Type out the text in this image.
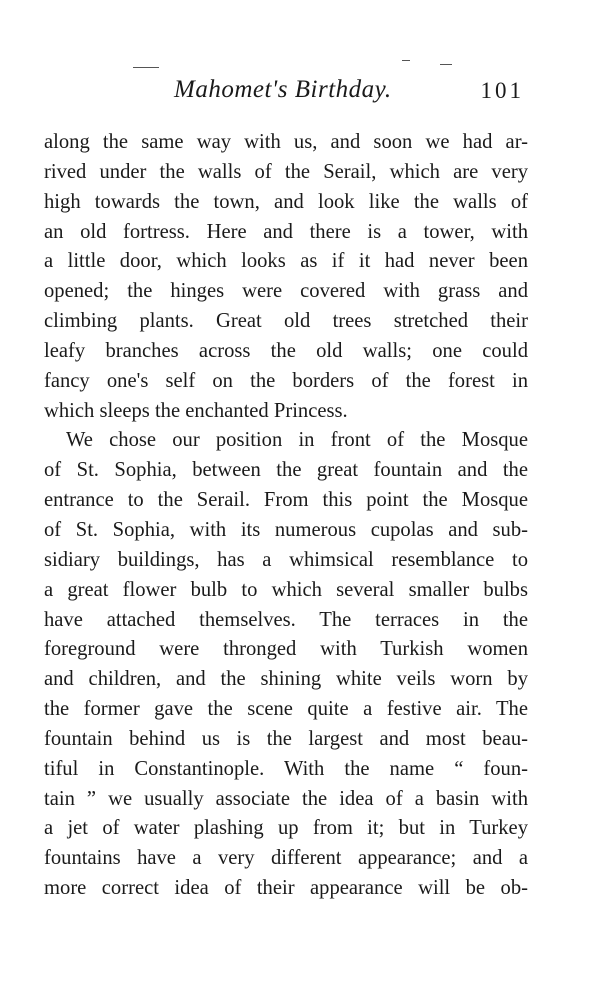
Mahomet's Birthday.	101
along the same way with us, and soon we had ar-
rived under the walls of the Serail, which are very
high towards the town, and look like the walls of
an old fortress. Here and there is a tower, with
a little door, which looks as if it had never been
opened; the hinges were covered with grass and
climbing plants. Great old trees stretched their
leafy branches across the old walls; one could
fancy one's self on the borders of the forest in
which sleeps the enchanted Princess.
We chose our position in front of the Mosque
of St. Sophia, between the great fountain and the
entrance to the Serail. From this point the Mosque
of St. Sophia, with its numerous cupolas and sub-
sidiary buildings, has a whimsical resemblance to
a great flower bulb to which several smaller bulbs
have attached themselves. The terraces in the
foreground were thronged with Turkish women
and children, and the shining white veils worn by
the former gave the scene quite a festive air. The
fountain behind us is the largest and most beau-
tiful in Constantinople. With the name “ foun-
tain ” we usually associate the idea of a basin with
a jet of water plashing up from it; but in Turkey
fountains have a very different appearance; and a
more correct idea of their appearance will be ob-
